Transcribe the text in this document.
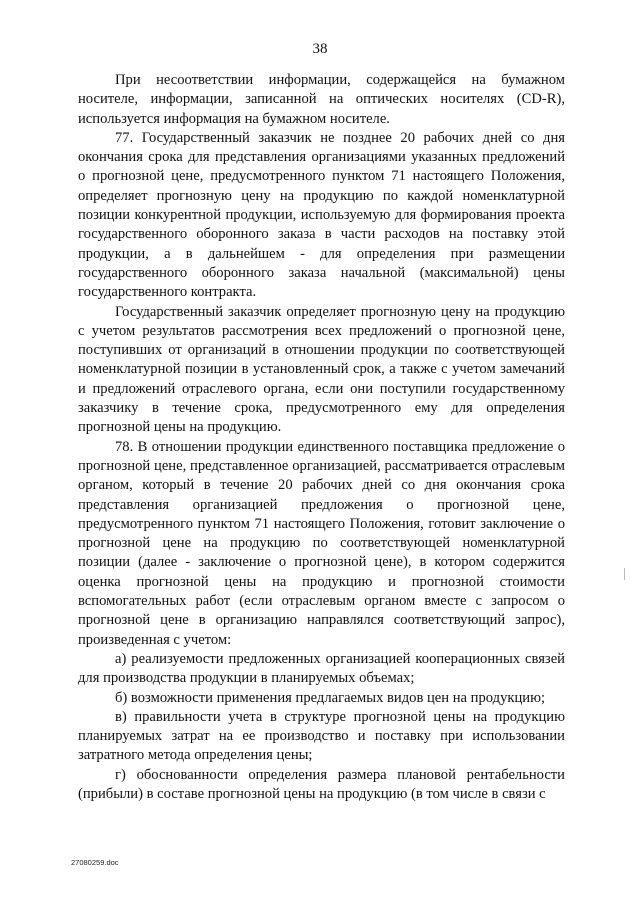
38

При несоответствии информации, содержащейся на бумажном носителе, информации, записанной на оптических носителях (CD-R), используется информация на бумажном носителе.

77. Государственный заказчик не позднее 20 рабочих дней со дня окончания срока для представления организациями указанных предложений о прогнозной цене, предусмотренного пунктом 71 настоящего Положения, определяет прогнозную цену на продукцию по каждой номенклатурной позиции конкурентной продукции, используемую для формирования проекта государственного оборонного заказа в части расходов на поставку этой продукции, а в дальнейшем - для определения при размещении государственного оборонного заказа начальной (максимальной) цены государственного контракта.

Государственный заказчик определяет прогнозную цену на продукцию с учетом результатов рассмотрения всех предложений о прогнозной цене, поступивших от организаций в отношении продукции по соответствующей номенклатурной позиции в установленный срок, а также с учетом замечаний и предложений отраслевого органа, если они поступили государственному заказчику в течение срока, предусмотренного ему для определения прогнозной цены на продукцию.

78. В отношении продукции единственного поставщика предложение о прогнозной цене, представленное организацией, рассматривается отраслевым органом, который в течение 20 рабочих дней со дня окончания срока представления организацией предложения о прогнозной цене, предусмотренного пунктом 71 настоящего Положения, готовит заключение о прогнозной цене на продукцию по соответствующей номенклатурной позиции (далее - заключение о прогнозной цене), в котором содержится оценка прогнозной цены на продукцию и прогнозной стоимости вспомогательных работ (если отраслевым органом вместе с запросом о прогнозной цене в организацию направлялся соответствующий запрос), произведенная с учетом:

а) реализуемости предложенных организацией кооперационных связей для производства продукции в планируемых объемах;

б) возможности применения предлагаемых видов цен на продукцию;

в) правильности учета в структуре прогнозной цены на продукцию планируемых затрат на ее производство и поставку при использовании затратного метода определения цены;

г) обоснованности определения размера плановой рентабельности (прибыли) в составе прогнозной цены на продукцию (в том числе в связи с

27080259.doc
